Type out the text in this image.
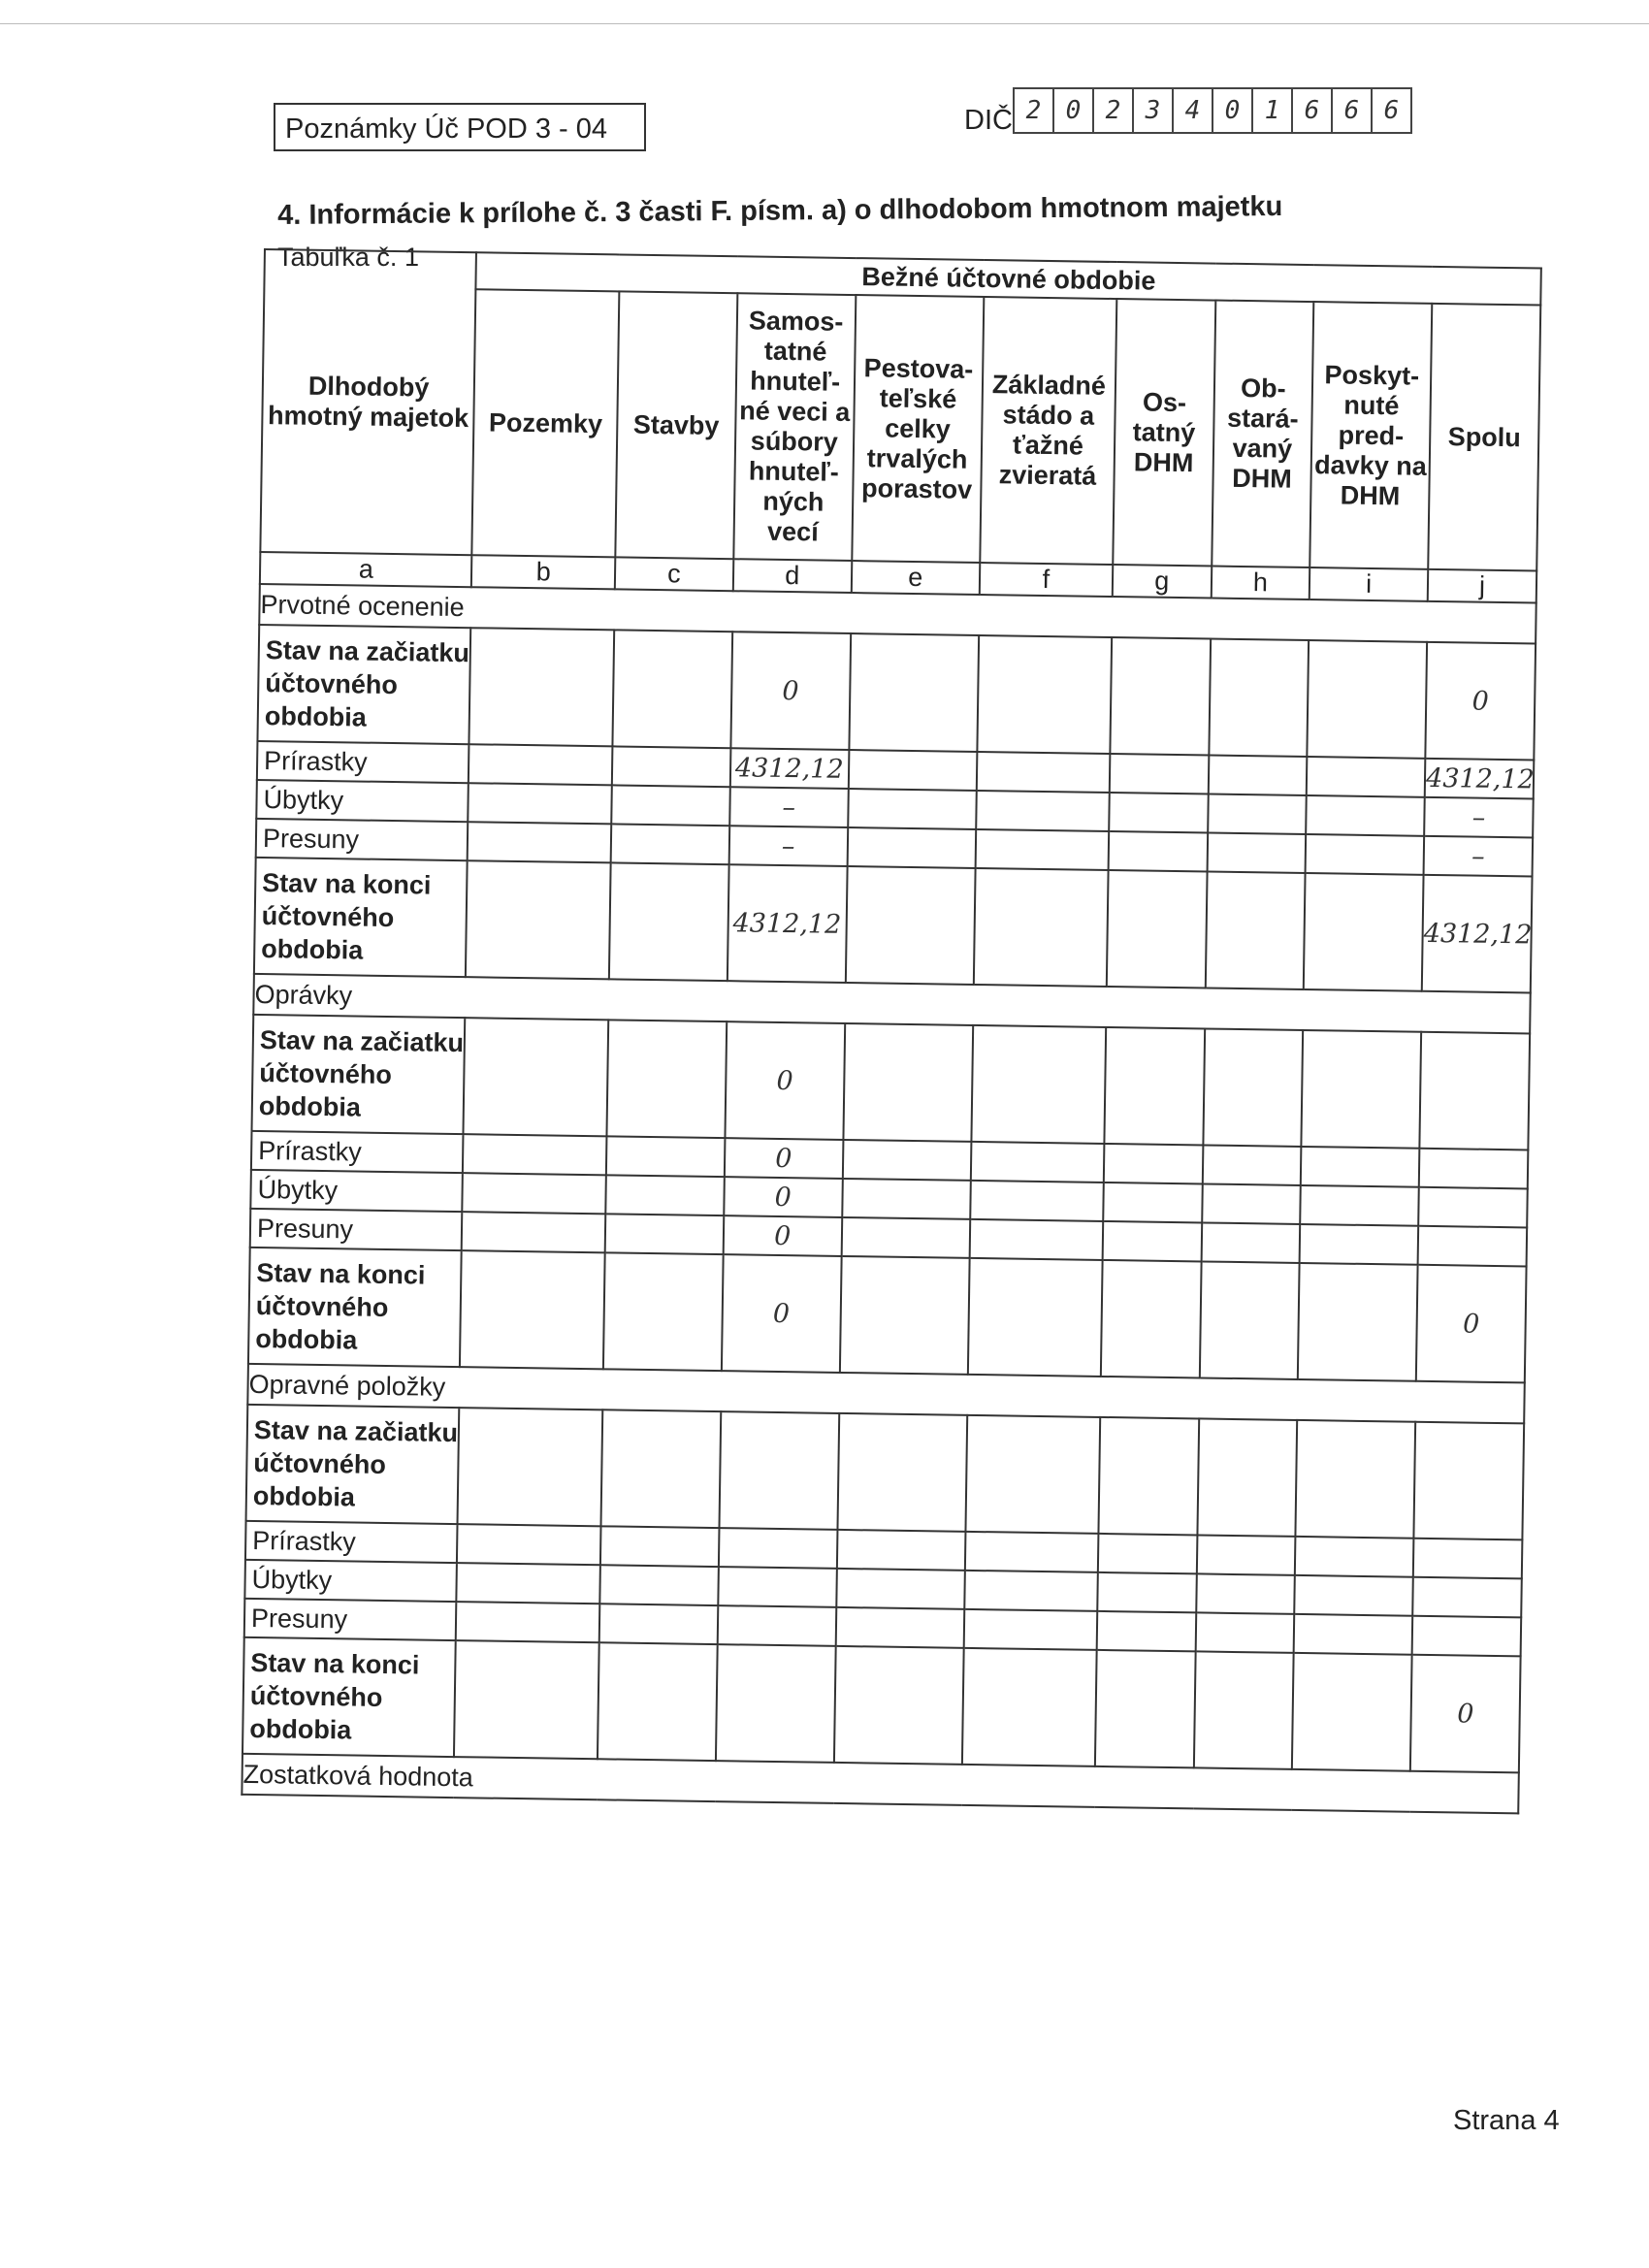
Poznámky Úč POD 3 - 04	DIČ 2 0 2 3 4 0 1 6 6 6
4. Informácie k prílohe č. 3 časti F. písm. a) o dlhodobom hmotnom majetku
Tabuľka č. 1
Dlhodobý hmotný majetok	Bežné účtovné obdobie								
	Pozemky	Stavby	Samos- tatné hnuteľ- né veci a súbory hnuteľ- ných vecí	Pestova- teľské celky trvalých porastov	Základné stádo a ťažné zvieratá	Os- tatný DHM	Ob- stará- vaný DHM	Poskyt- nuté pred- davky na DHM	Spolu
a	b	c	d	e	f	g	h	i	j
Prvotné ocenenie									
Stav na začiatku účtovného obdobia			0						0
Prírastky			4312,12						4312,12
Úbytky			–						–
Presuny			–						–
Stav na konci účtovného obdobia			4312,12						4312,12
Oprávky									
Stav na začiatku účtovného obdobia			0						
Prírastky			0						
Úbytky			0						
Presuny			0						
Stav na konci účtovného obdobia			0						0
Opravné položky									
Stav na začiatku účtovného obdobia									
Prírastky									
Úbytky									
Presuny									
Stav na konci účtovného obdobia									0
Zostatková hodnota									
Strana 4
